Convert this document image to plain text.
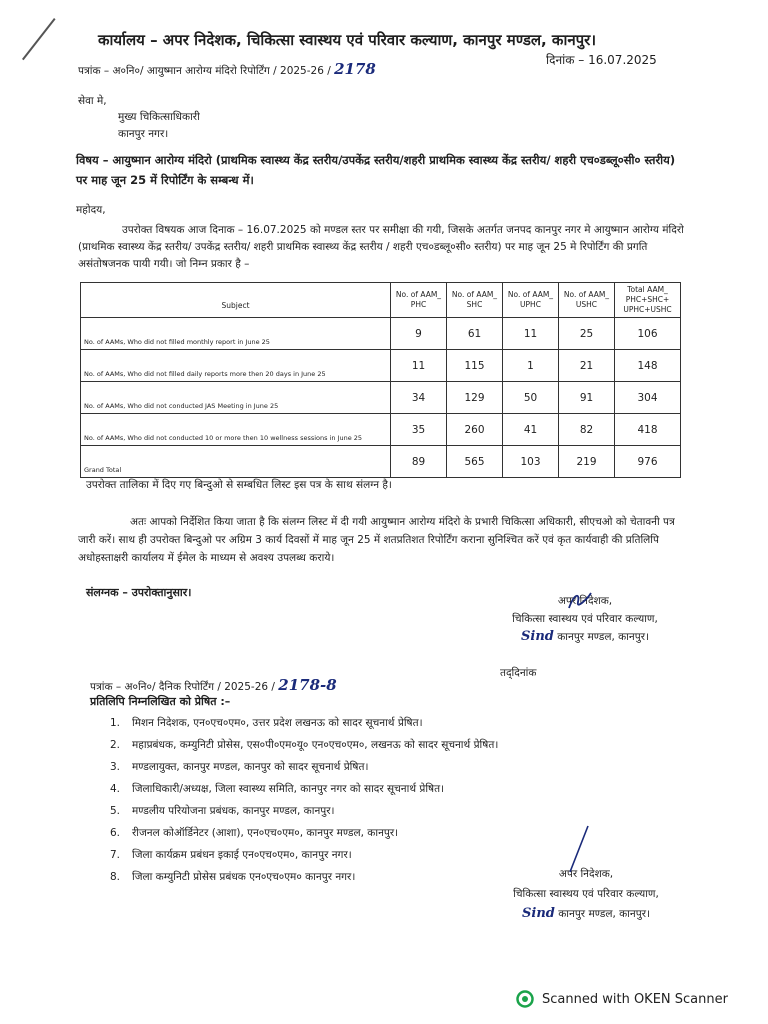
कार्यालय – अपर निदेशक, चिकित्सा स्वास्थय एवं परिवार कल्याण, कानपुर मण्डल, कानपुर।
दिनांक – 16.07.2025
पत्रांक – अ०नि०/ आयुष्मान आरोग्य मंदिरो रिपोर्टिंग / 2025-26 / 2178
सेवा मे,
मुख्य चिकित्साधिकारी
कानपुर नगर।
विषय – आयुष्मान आरोग्य मंदिरो (प्राथमिक स्वास्थ्य केंद्र स्तरीय/उपकेंद्र स्तरीय/शहरी प्राथमिक स्वास्थ्य केंद्र स्तरीय/ शहरी एच०डब्लू०सी० स्तरीय) पर माह जून 25 में रिपोर्टिंग के सम्बन्ध में।
महोदय,
उपरोक्त विषयक आज दिनाक – 16.07.2025 को मण्डल स्तर पर समीक्षा की गयी, जिसके अतर्गत जनपद कानपुर नगर मे आयुष्मान आरोग्य मंदिरो (प्राथमिक स्वास्थ्य केंद्र स्तरीय/ उपकेंद्र स्तरीय/ शहरी प्राथमिक स्वास्थ्य केंद्र स्तरीय / शहरी एच०डब्लू०सी० स्तरीय) पर माह जून 25 मे रिपोर्टिंग की प्रगति असंतोषजनक पायी गयी। जो निम्न प्रकार है –
Subject	No. of AAM_ PHC	No. of AAM_ SHC	No. of AAM_ UPHC	No. of AAM_ USHC	Total AAM_ PHC+SHC+ UPHC+USHC
No. of AAMs, Who did not filled monthly report in June 25	9	61	11	25	106
No. of AAMs, Who did not filled daily reports more then 20 days in June 25	11	115	1	21	148
No. of AAMs, Who did not conducted JAS Meeting in June 25	34	129	50	91	304
No. of AAMs, Who did not conducted 10 or more then 10 wellness sessions in June 25	35	260	41	82	418
Grand Total	89	565	103	219	976
उपरोक्त तालिका में दिए गए बिन्दुओ से सम्बधित लिस्ट इस पत्र के साथ संलग्न है।
अतः आपको निर्देशित किया जाता है कि संलग्न लिस्ट में दी गयी आयुष्मान आरोग्य मंदिरो के प्रभारी चिकित्सा अधिकारी, सीएचओ को चेतावनी पत्र जारी करें। साथ ही उपरोक्त बिन्दुओ पर अग्रिम 3 कार्य दिवसों में माह जून 25 में शतप्रतिशत रिपोर्टिंग कराना सुनिश्चित करें एवं कृत कार्यवाही की प्रतिलिपि अधोहस्ताक्षरी कार्यालय में ईमेल के माध्यम से अवश्य उपलब्ध कराये।
संलग्नक – उपरोक्तानुसार।
अपर निदेशक,
चिकित्सा स्वास्थय एवं परिवार कल्याण,
Sind कानपुर मण्डल, कानपुर।
पत्रांक – अ०नि०/ दैनिक रिपोर्टिंग / 2025-26 / 2178-8
तद्‌दिनांक
प्रतिलिपि निम्नलिखित को प्रेषित :–
1.	मिशन निदेशक, एन०एच०एम०, उत्तर प्रदेश लखनऊ को सादर सूचनार्थ प्रेषित।
2.	महाप्रबंधक, कम्युनिटी प्रोसेस, एस०पी०एम०यू० एन०एच०एम०, लखनऊ को सादर सूचनार्थ प्रेषित।
3.	मण्डलायुक्त, कानपुर मण्डल, कानपुर को सादर सूचनार्थ प्रेषित।
4.	जिलाधिकारी/अध्यक्ष, जिला स्वास्थ्य समिति, कानपुर नगर को सादर सूचनार्थ प्रेषित।
5.	मण्डलीय परियोजना प्रबंधक, कानपुर मण्डल, कानपुर।
6.	रीजनल कोऑर्डिनेटर (आशा), एन०एच०एम०, कानपुर मण्डल, कानपुर।
7.	जिला कार्यक्रम प्रबंधन इकाई एन०एच०एम०, कानपुर नगर।
8.	जिला कम्युनिटी प्रोसेस प्रबंधक एन०एच०एम० कानपुर नगर।	अपर निदेशक,
चिकित्सा स्वास्थय एवं परिवार कल्याण,
Sind कानपुर मण्डल, कानपुर।
Scanned with OKEN Scanner
